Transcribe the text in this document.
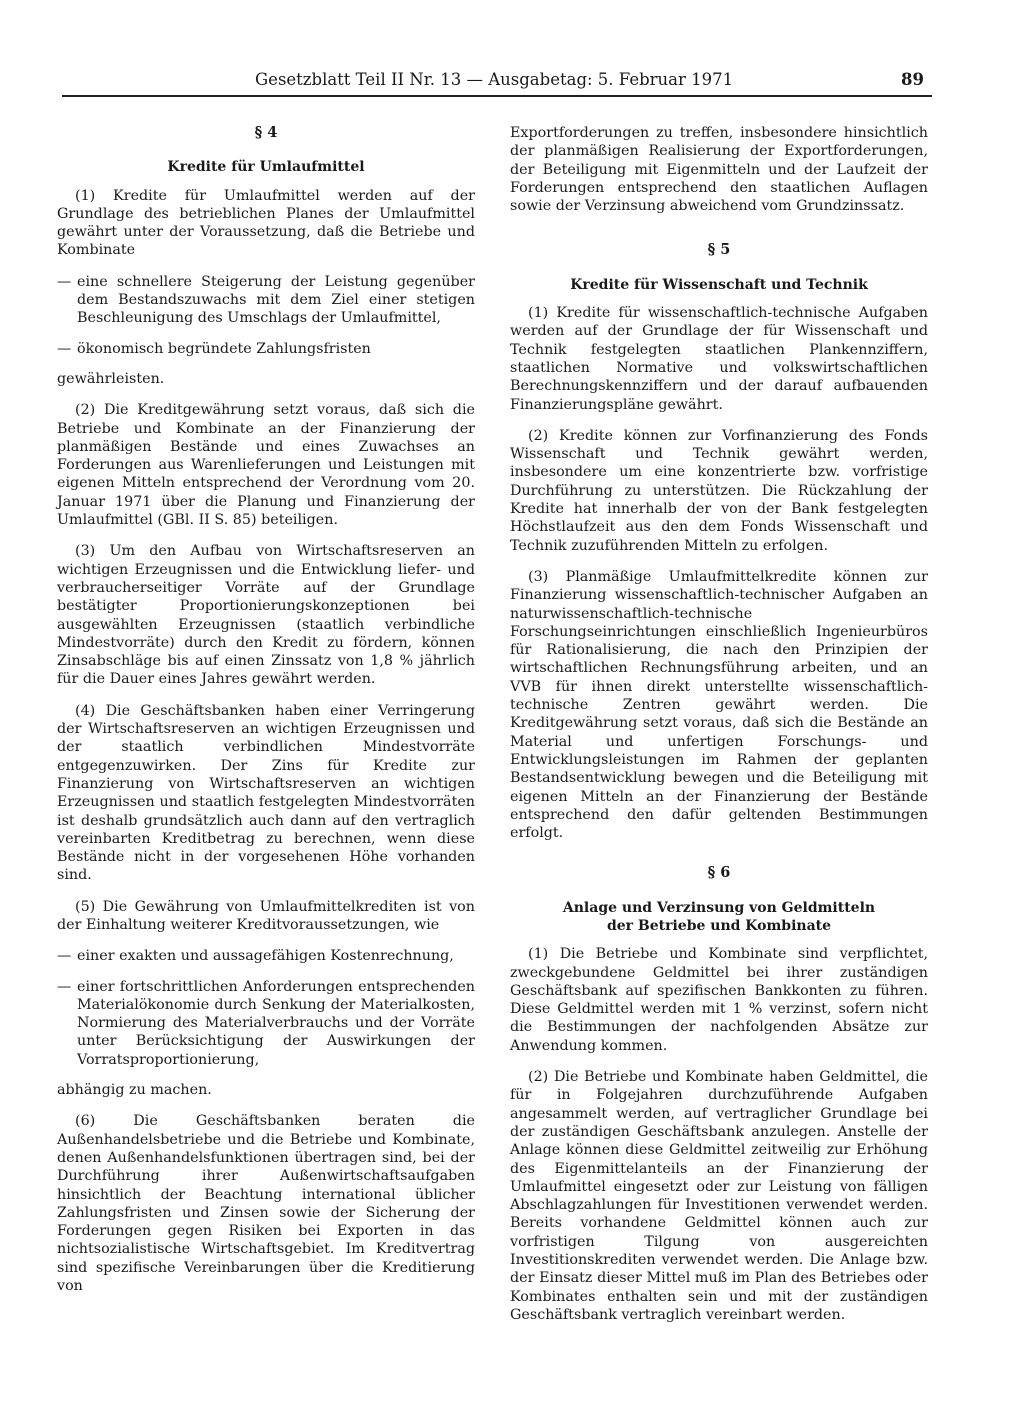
Gesetzblatt Teil II Nr. 13 — Ausgabetag: 5. Februar 1971	89
§ 4
Kredite für Umlaufmittel

(1) Kredite für Umlaufmittel werden auf der Grundlage des betrieblichen Planes der Umlaufmittel gewährt unter der Voraussetzung, daß die Betriebe und Kombinate

— eine schnellere Steigerung der Leistung gegenüber dem Bestandszuwachs mit dem Ziel einer stetigen Beschleunigung des Umschlags der Umlaufmittel,
— ökonomisch begründete Zahlungsfristen

gewährleisten.

(2) Die Kreditgewährung setzt voraus, daß sich die Betriebe und Kombinate an der Finanzierung der planmäßigen Bestände und eines Zuwachses an Forderungen aus Warenlieferungen und Leistungen mit eigenen Mitteln entsprechend der Verordnung vom 20. Januar 1971 über die Planung und Finanzierung der Umlaufmittel (GBl. II S. 85) beteiligen.

(3) Um den Aufbau von Wirtschaftsreserven an wichtigen Erzeugnissen und die Entwicklung liefer- und verbraucherseitiger Vorräte auf der Grundlage bestätigter Proportionierungskonzeptionen bei ausgewählten Erzeugnissen (staatlich verbindliche Mindestvorräte) durch den Kredit zu fördern, können Zinsabschläge bis auf einen Zinssatz von 1,8 % jährlich für die Dauer eines Jahres gewährt werden.

(4) Die Geschäftsbanken haben einer Verringerung der Wirtschaftsreserven an wichtigen Erzeugnissen und der staatlich verbindlichen Mindestvorräte entgegenzuwirken. Der Zins für Kredite zur Finanzierung von Wirtschaftsreserven an wichtigen Erzeugnissen und staatlich festgelegten Mindestvorräten ist deshalb grundsätzlich auch dann auf den vertraglich vereinbarten Kreditbetrag zu berechnen, wenn diese Bestände nicht in der vorgesehenen Höhe vorhanden sind.

(5) Die Gewährung von Umlaufmittelkrediten ist von der Einhaltung weiterer Kreditvoraussetzungen, wie

— einer exakten und aussagefähigen Kostenrechnung,
— einer fortschrittlichen Anforderungen entsprechenden Materialökonomie durch Senkung der Materialkosten, Normierung des Materialverbrauchs und der Vorräte unter Berücksichtigung der Auswirkungen der Vorratsproportionierung,

abhängig zu machen.

(6) Die Geschäftsbanken beraten die Außenhandelsbetriebe und die Betriebe und Kombinate, denen Außenhandelsfunktionen übertragen sind, bei der Durchführung ihrer Außenwirtschaftsaufgaben hinsichtlich der Beachtung international üblicher Zahlungsfristen und Zinsen sowie der Sicherung der Forderungen gegen Risiken bei Exporten in das nichtsozialistische Wirtschaftsgebiet. Im Kreditvertrag sind spezifische Vereinbarungen über die Kreditierung von

Exportforderungen zu treffen, insbesondere hinsichtlich der planmäßigen Realisierung der Exportforderungen, der Beteiligung mit Eigenmitteln und der Laufzeit der Forderungen entsprechend den staatlichen Auflagen sowie der Verzinsung abweichend vom Grundzinssatz.

§ 5
Kredite für Wissenschaft und Technik

(1) Kredite für wissenschaftlich-technische Aufgaben werden auf der Grundlage der für Wissenschaft und Technik festgelegten staatlichen Plankennziffern, staatlichen Normative und volkswirtschaftlichen Berechnungskennziffern und der darauf aufbauenden Finanzierungspläne gewährt.

(2) Kredite können zur Vorfinanzierung des Fonds Wissenschaft und Technik gewährt werden, insbesondere um eine konzentrierte bzw. vorfristige Durchführung zu unterstützen. Die Rückzahlung der Kredite hat innerhalb der von der Bank festgelegten Höchstlaufzeit aus den dem Fonds Wissenschaft und Technik zuzuführenden Mitteln zu erfolgen.

(3) Planmäßige Umlaufmittelkredite können zur Finanzierung wissenschaftlich-technischer Aufgaben an naturwissenschaftlich-technische Forschungseinrichtungen einschließlich Ingenieurbüros für Rationalisierung, die nach den Prinzipien der wirtschaftlichen Rechnungsführung arbeiten, und an VVB für ihnen direkt unterstellte wissenschaftlich-technische Zentren gewährt werden. Die Kreditgewährung setzt voraus, daß sich die Bestände an Material und unfertigen Forschungs- und Entwicklungsleistungen im Rahmen der geplanten Bestandsentwicklung bewegen und die Beteiligung mit eigenen Mitteln an der Finanzierung der Bestände entsprechend den dafür geltenden Bestimmungen erfolgt.

§ 6
Anlage und Verzinsung von Geldmitteln
der Betriebe und Kombinate

(1) Die Betriebe und Kombinate sind verpflichtet, zweckgebundene Geldmittel bei ihrer zuständigen Geschäftsbank auf spezifischen Bankkonten zu führen. Diese Geldmittel werden mit 1 % verzinst, sofern nicht die Bestimmungen der nachfolgenden Absätze zur Anwendung kommen.

(2) Die Betriebe und Kombinate haben Geldmittel, die für in Folgejahren durchzuführende Aufgaben angesammelt werden, auf vertraglicher Grundlage bei der zuständigen Geschäftsbank anzulegen. Anstelle der Anlage können diese Geldmittel zeitweilig zur Erhöhung des Eigenmittelanteils an der Finanzierung der Umlaufmittel eingesetzt oder zur Leistung von fälligen Abschlagzahlungen für Investitionen verwendet werden. Bereits vorhandene Geldmittel können auch zur vorfristigen Tilgung von ausgereichten Investitionskrediten verwendet werden. Die Anlage bzw. der Einsatz dieser Mittel muß im Plan des Betriebes oder Kombinates enthalten sein und mit der zuständigen Geschäftsbank vertraglich vereinbart werden.
